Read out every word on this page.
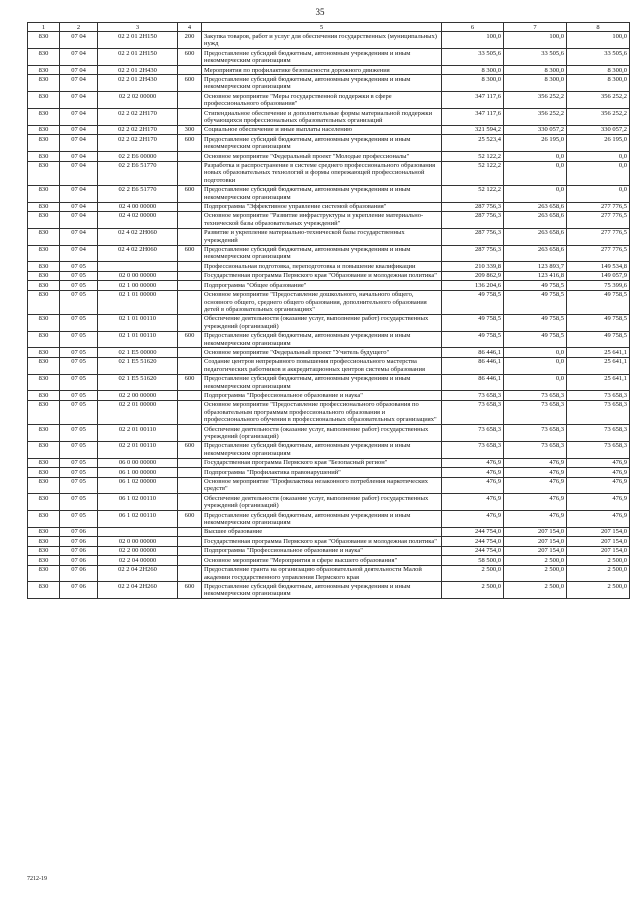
35
1	2	3	4	5	6	7	8
830	07 04	02 2 01 2Н150	200	Закупка товаров, работ и услуг для обеспечения государственных (муниципальных) нужд	100,0	100,0	100,0
830	07 04	02 2 01 2Н150	600	Предоставление субсидий бюджетным, автономным учреждениям и иным некоммерческим организациям	33 505,6	33 505,6	33 505,6
830	07 04	02 2 01 2Н430		Мероприятия по профилактике безопасности дорожного движения	8 300,0	8 300,0	8 300,0
830	07 04	02 2 01 2Н430	600	Предоставление субсидий бюджетным, автономным учреждениям и иным некоммерческим организациям	8 300,0	8 300,0	8 300,0
830	07 04	02 2 02 00000		Основное мероприятие "Меры государственной поддержки в сфере профессионального образования"	347 117,6	356 252,2	356 252,2
830	07 04	02 2 02 2Н170		Стипендиальное обеспечение и дополнительные формы материальной поддержки обучающихся профессиональных образовательных организаций	347 117,6	356 252,2	356 252,2
830	07 04	02 2 02 2Н170	300	Социальное обеспечение и иные выплаты населению	321 594,2	330 057,2	330 057,2
830	07 04	02 2 02 2Н170	600	Предоставление субсидий бюджетным, автономным учреждениям и иным некоммерческим организациям	25 523,4	26 195,0	26 195,0
830	07 04	02 2 Е6 00000		Основное мероприятие "Федеральный проект "Молодые профессионалы"	52 122,2	0,0	0,0
830	07 04	02 2 Е6 51770		Разработка и распространение в системе среднего профессионального образования новых образовательных технологий и формы опережающей профессиональной подготовки	52 122,2	0,0	0,0
830	07 04	02 2 Е6 51770	600	Предоставление субсидий бюджетным, автономным учреждениям и иным некоммерческим организациям	52 122,2	0,0	0,0
830	07 04	02 4 00 00000		Подпрограмма "Эффективное управление системой образования"	287 756,3	263 658,6	277 776,5
830	07 04	02 4 02 00000		Основное мероприятие "Развитие инфраструктуры и укрепление материально-технической базы образовательных учреждений"	287 756,3	263 658,6	277 776,5
830	07 04	02 4 02 2Н060		Развитие и укрепление материально-технической базы государственных учреждений	287 756,3	263 658,6	277 776,5
830	07 04	02 4 02 2Н060	600	Предоставление субсидий бюджетным, автономным учреждениям и иным некоммерческим организациям	287 756,3	263 658,6	277 776,5
830	07 05			Профессиональная подготовка, переподготовка и повышение квалификации	210 339,8	123 893,7	149 534,8
830	07 05	02 0 00 00000		Государственная программа Пермского края "Образование и молодежная политика"	209 862,9	123 416,8	149 057,9
830	07 05	02 1 00 00000		Подпрограмма "Общее образование"	136 204,6	49 758,5	75 399,6
830	07 05	02 1 01 00000		Основное мероприятие "Предоставление дошкольного, начального общего, основного общего, среднего общего образования, дополнительного образования детей в образовательных организациях"	49 758,5	49 758,5	49 758,5
830	07 05	02 1 01 00110		Обеспечение деятельности (оказание услуг, выполнение работ) государственных учреждений (организаций)	49 758,5	49 758,5	49 758,5
830	07 05	02 1 01 00110	600	Предоставление субсидий бюджетным, автономным учреждениям и иным некоммерческим организациям	49 758,5	49 758,5	49 758,5
830	07 05	02 1 Е5 00000		Основное мероприятие "Федеральный проект "Учитель будущего"	86 446,1	0,0	25 641,1
830	07 05	02 1 Е5 51620		Создание центров непрерывного повышения профессионального мастерства педагогических работников и аккредитационных центров системы образования	86 446,1	0,0	25 641,1
830	07 05	02 1 Е5 51620	600	Предоставление субсидий бюджетным, автономным учреждениям и иным некоммерческим организациям	86 446,1	0,0	25 641,1
830	07 05	02 2 00 00000		Подпрограмма "Профессиональное образование и наука"	73 658,3	73 658,3	73 658,3
830	07 05	02 2 01 00000		Основное мероприятие "Предоставление профессионального образования по образовательным программам профессионального образования и профессионального обучения в профессиональных образовательных организациях"	73 658,3	73 658,3	73 658,3
830	07 05	02 2 01 00110		Обеспечение деятельности (оказание услуг, выполнение работ) государственных учреждений (организаций)	73 658,3	73 658,3	73 658,3
830	07 05	02 2 01 00110	600	Предоставление субсидий бюджетным, автономным учреждениям и иным некоммерческим организациям	73 658,3	73 658,3	73 658,3
830	07 05	06 0 00 00000		Государственная программа Пермского края "Безопасный регион"	476,9	476,9	476,9
830	07 05	06 1 00 00000		Подпрограмма "Профилактика правонарушений"	476,9	476,9	476,9
830	07 05	06 1 02 00000		Основное мероприятие "Профилактика незаконного потребления наркотических средств"	476,9	476,9	476,9
830	07 05	06 1 02 00110		Обеспечение деятельности (оказание услуг, выполнение работ) государственных учреждений (организаций)	476,9	476,9	476,9
830	07 05	06 1 02 00110	600	Предоставление субсидий бюджетным, автономным учреждениям и иным некоммерческим организациям	476,9	476,9	476,9
830	07 06			Высшее образование	244 754,0	207 154,0	207 154,0
830	07 06	02 0 00 00000		Государственная программа Пермского края "Образование и молодежная политика"	244 754,0	207 154,0	207 154,0
830	07 06	02 2 00 00000		Подпрограмма "Профессиональное образование и наука"	244 754,0	207 154,0	207 154,0
830	07 06	02 2 04 00000		Основное мероприятие "Мероприятия в сфере высшего образования"	58 500,0	2 500,0	2 500,0
830	07 06	02 2 04 2Н260		Предоставление гранта на организацию образовательной деятельности Малой академии государственного управления Пермского края	2 500,0	2 500,0	2 500,0
830	07 06	02 2 04 2Н260	600	Предоставление субсидий бюджетным, автономным учреждениям и иным некоммерческим организациям	2 500,0	2 500,0	2 500,0
7212-19
